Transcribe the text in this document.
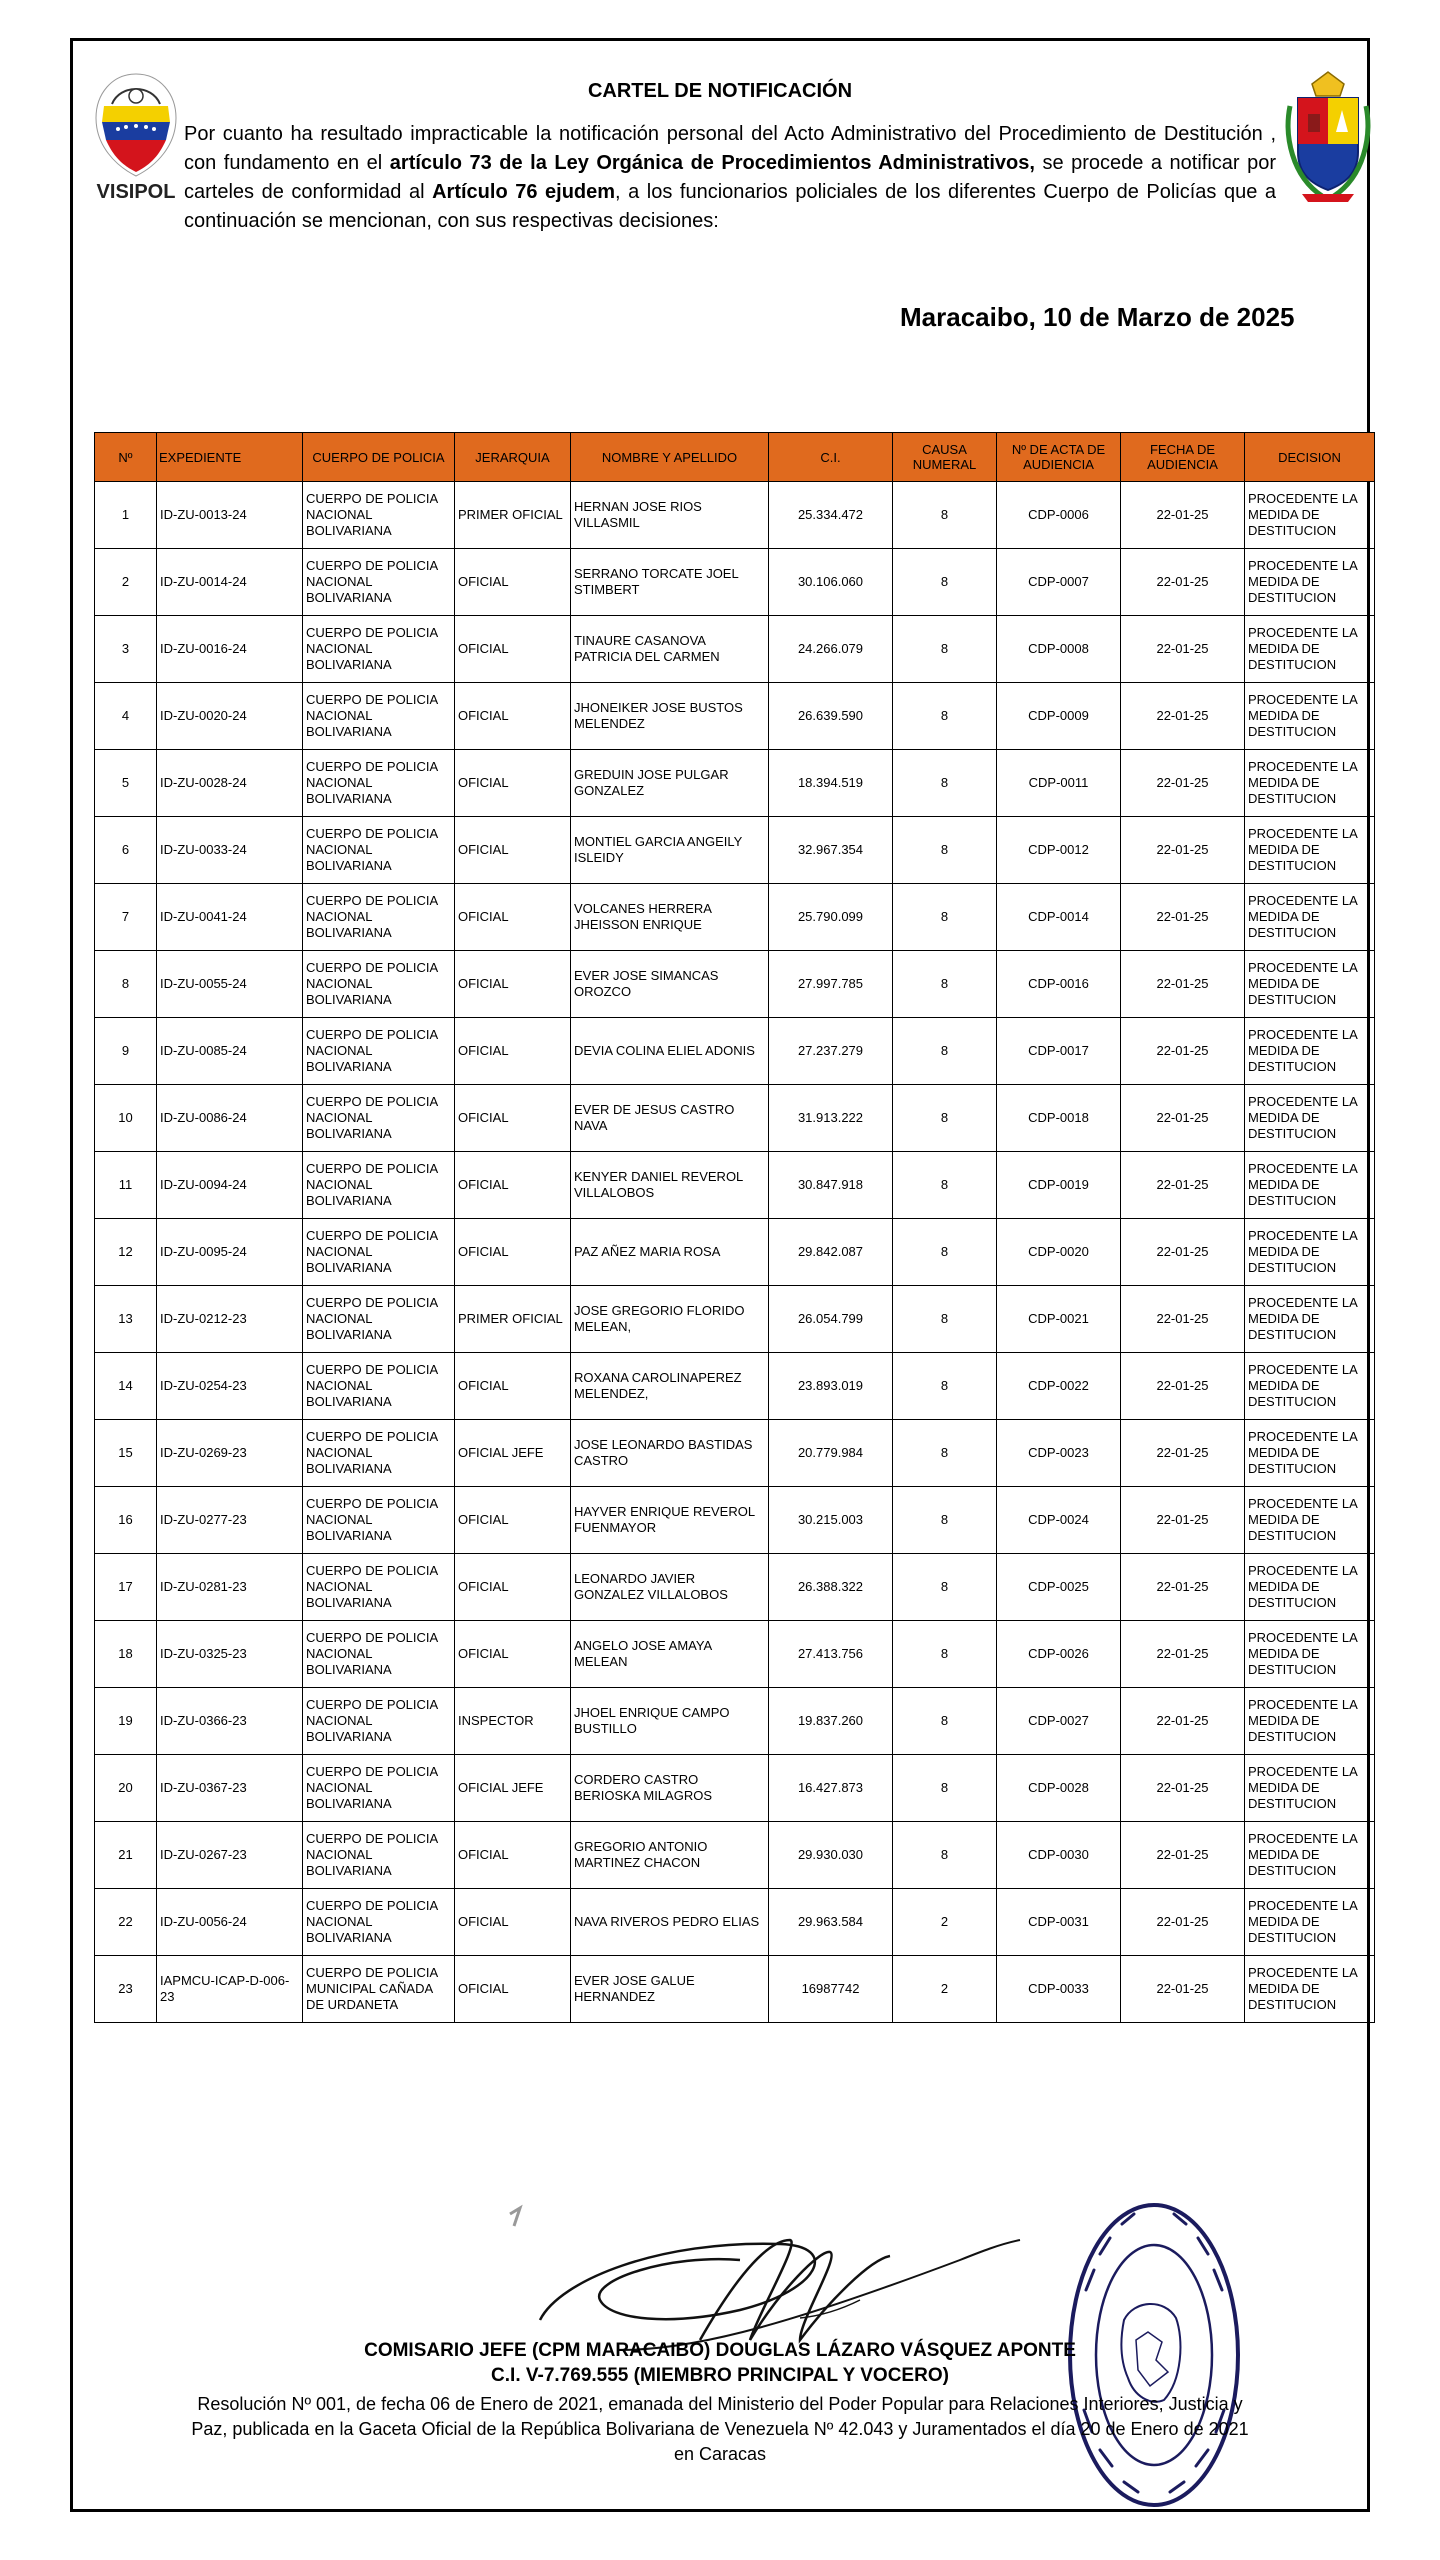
VISIPOL
CARTEL DE NOTIFICACIÓN
Por cuanto ha resultado impracticable la notificación personal del Acto Administrativo del Procedimiento de Destitución , con fundamento en el artículo 73 de la Ley Orgánica de Procedimientos Administrativos, se procede a notificar por carteles de conformidad al Artículo 76 ejudem, a los funcionarios policiales de los diferentes Cuerpo de Policías que a continuación se mencionan, con sus respectivas decisiones:
Maracaibo, 10 de Marzo de 2025
Nº	EXPEDIENTE	CUERPO DE POLICIA	JERARQUIA	NOMBRE Y APELLIDO	C.I.	CAUSA NUMERAL	Nº DE ACTA DE AUDIENCIA	FECHA DE AUDIENCIA	DECISION
1	ID-ZU-0013-24	CUERPO DE POLICIA NACIONAL BOLIVARIANA	PRIMER OFICIAL	HERNAN JOSE RIOS VILLASMIL	25.334.472	8	CDP-0006	22-01-25	PROCEDENTE LA MEDIDA DE DESTITUCION
2	ID-ZU-0014-24	CUERPO DE POLICIA NACIONAL BOLIVARIANA	OFICIAL	SERRANO TORCATE JOEL STIMBERT	30.106.060	8	CDP-0007	22-01-25	PROCEDENTE LA MEDIDA DE DESTITUCION
3	ID-ZU-0016-24	CUERPO DE POLICIA NACIONAL BOLIVARIANA	OFICIAL	TINAURE CASANOVA PATRICIA DEL CARMEN	24.266.079	8	CDP-0008	22-01-25	PROCEDENTE LA MEDIDA DE DESTITUCION
4	ID-ZU-0020-24	CUERPO DE POLICIA NACIONAL BOLIVARIANA	OFICIAL	JHONEIKER JOSE BUSTOS MELENDEZ	26.639.590	8	CDP-0009	22-01-25	PROCEDENTE LA MEDIDA DE DESTITUCION
5	ID-ZU-0028-24	CUERPO DE POLICIA NACIONAL BOLIVARIANA	OFICIAL	GREDUIN JOSE PULGAR GONZALEZ	18.394.519	8	CDP-0011	22-01-25	PROCEDENTE LA MEDIDA DE DESTITUCION
6	ID-ZU-0033-24	CUERPO DE POLICIA NACIONAL BOLIVARIANA	OFICIAL	MONTIEL GARCIA ANGEILY ISLEIDY	32.967.354	8	CDP-0012	22-01-25	PROCEDENTE LA MEDIDA DE DESTITUCION
7	ID-ZU-0041-24	CUERPO DE POLICIA NACIONAL BOLIVARIANA	OFICIAL	VOLCANES HERRERA JHEISSON ENRIQUE	25.790.099	8	CDP-0014	22-01-25	PROCEDENTE LA MEDIDA DE DESTITUCION
8	ID-ZU-0055-24	CUERPO DE POLICIA NACIONAL BOLIVARIANA	OFICIAL	EVER JOSE SIMANCAS OROZCO	27.997.785	8	CDP-0016	22-01-25	PROCEDENTE LA MEDIDA DE DESTITUCION
9	ID-ZU-0085-24	CUERPO DE POLICIA NACIONAL BOLIVARIANA	OFICIAL	DEVIA COLINA ELIEL ADONIS	27.237.279	8	CDP-0017	22-01-25	PROCEDENTE LA MEDIDA DE DESTITUCION
10	ID-ZU-0086-24	CUERPO DE POLICIA NACIONAL BOLIVARIANA	OFICIAL	EVER DE JESUS CASTRO NAVA	31.913.222	8	CDP-0018	22-01-25	PROCEDENTE LA MEDIDA DE DESTITUCION
11	ID-ZU-0094-24	CUERPO DE POLICIA NACIONAL BOLIVARIANA	OFICIAL	KENYER DANIEL REVEROL VILLALOBOS	30.847.918	8	CDP-0019	22-01-25	PROCEDENTE LA MEDIDA DE DESTITUCION
12	ID-ZU-0095-24	CUERPO DE POLICIA NACIONAL BOLIVARIANA	OFICIAL	PAZ AÑEZ MARIA ROSA	29.842.087	8	CDP-0020	22-01-25	PROCEDENTE LA MEDIDA DE DESTITUCION
13	ID-ZU-0212-23	CUERPO DE POLICIA NACIONAL BOLIVARIANA	PRIMER OFICIAL	JOSE GREGORIO FLORIDO MELEAN,	26.054.799	8	CDP-0021	22-01-25	PROCEDENTE LA MEDIDA DE DESTITUCION
14	ID-ZU-0254-23	CUERPO DE POLICIA NACIONAL BOLIVARIANA	OFICIAL	ROXANA CAROLINAPEREZ MELENDEZ,	23.893.019	8	CDP-0022	22-01-25	PROCEDENTE LA MEDIDA DE DESTITUCION
15	ID-ZU-0269-23	CUERPO DE POLICIA NACIONAL BOLIVARIANA	OFICIAL JEFE	JOSE LEONARDO BASTIDAS CASTRO	20.779.984	8	CDP-0023	22-01-25	PROCEDENTE LA MEDIDA DE DESTITUCION
16	ID-ZU-0277-23	CUERPO DE POLICIA NACIONAL BOLIVARIANA	OFICIAL	HAYVER ENRIQUE REVEROL FUENMAYOR	30.215.003	8	CDP-0024	22-01-25	PROCEDENTE LA MEDIDA DE DESTITUCION
17	ID-ZU-0281-23	CUERPO DE POLICIA NACIONAL BOLIVARIANA	OFICIAL	LEONARDO JAVIER GONZALEZ VILLALOBOS	26.388.322	8	CDP-0025	22-01-25	PROCEDENTE LA MEDIDA DE DESTITUCION
18	ID-ZU-0325-23	CUERPO DE POLICIA NACIONAL BOLIVARIANA	OFICIAL	ANGELO JOSE AMAYA MELEAN	27.413.756	8	CDP-0026	22-01-25	PROCEDENTE LA MEDIDA DE DESTITUCION
19	ID-ZU-0366-23	CUERPO DE POLICIA NACIONAL BOLIVARIANA	INSPECTOR	JHOEL ENRIQUE CAMPO BUSTILLO	19.837.260	8	CDP-0027	22-01-25	PROCEDENTE LA MEDIDA DE DESTITUCION
20	ID-ZU-0367-23	CUERPO DE POLICIA NACIONAL BOLIVARIANA	OFICIAL JEFE	CORDERO CASTRO BERIOSKA MILAGROS	16.427.873	8	CDP-0028	22-01-25	PROCEDENTE LA MEDIDA DE DESTITUCION
21	ID-ZU-0267-23	CUERPO DE POLICIA NACIONAL BOLIVARIANA	OFICIAL	GREGORIO ANTONIO MARTINEZ CHACON	29.930.030	8	CDP-0030	22-01-25	PROCEDENTE LA MEDIDA DE DESTITUCION
22	ID-ZU-0056-24	CUERPO DE POLICIA NACIONAL BOLIVARIANA	OFICIAL	NAVA RIVEROS PEDRO ELIAS	29.963.584	2	CDP-0031	22-01-25	PROCEDENTE LA MEDIDA DE DESTITUCION
23	IAPMCU-ICAP-D-006-23	CUERPO DE POLICIA MUNICIPAL CAÑADA DE URDANETA	OFICIAL	EVER JOSE GALUE HERNANDEZ	16987742	2	CDP-0033	22-01-25	PROCEDENTE LA MEDIDA DE DESTITUCION
COMISARIO JEFE (CPM MARACAIBO) DOUGLAS LÁZARO VÁSQUEZ APONTE
C.I. V-7.769.555 (MIEMBRO PRINCIPAL Y VOCERO)
Resolución Nº 001, de fecha 06 de Enero de 2021, emanada del Ministerio del Poder Popular para Relaciones Interiores, Justicia y Paz, publicada en la Gaceta Oficial de la República Bolivariana de Venezuela Nº 42.043 y Juramentados el día 20 de Enero de 2021 en Caracas
